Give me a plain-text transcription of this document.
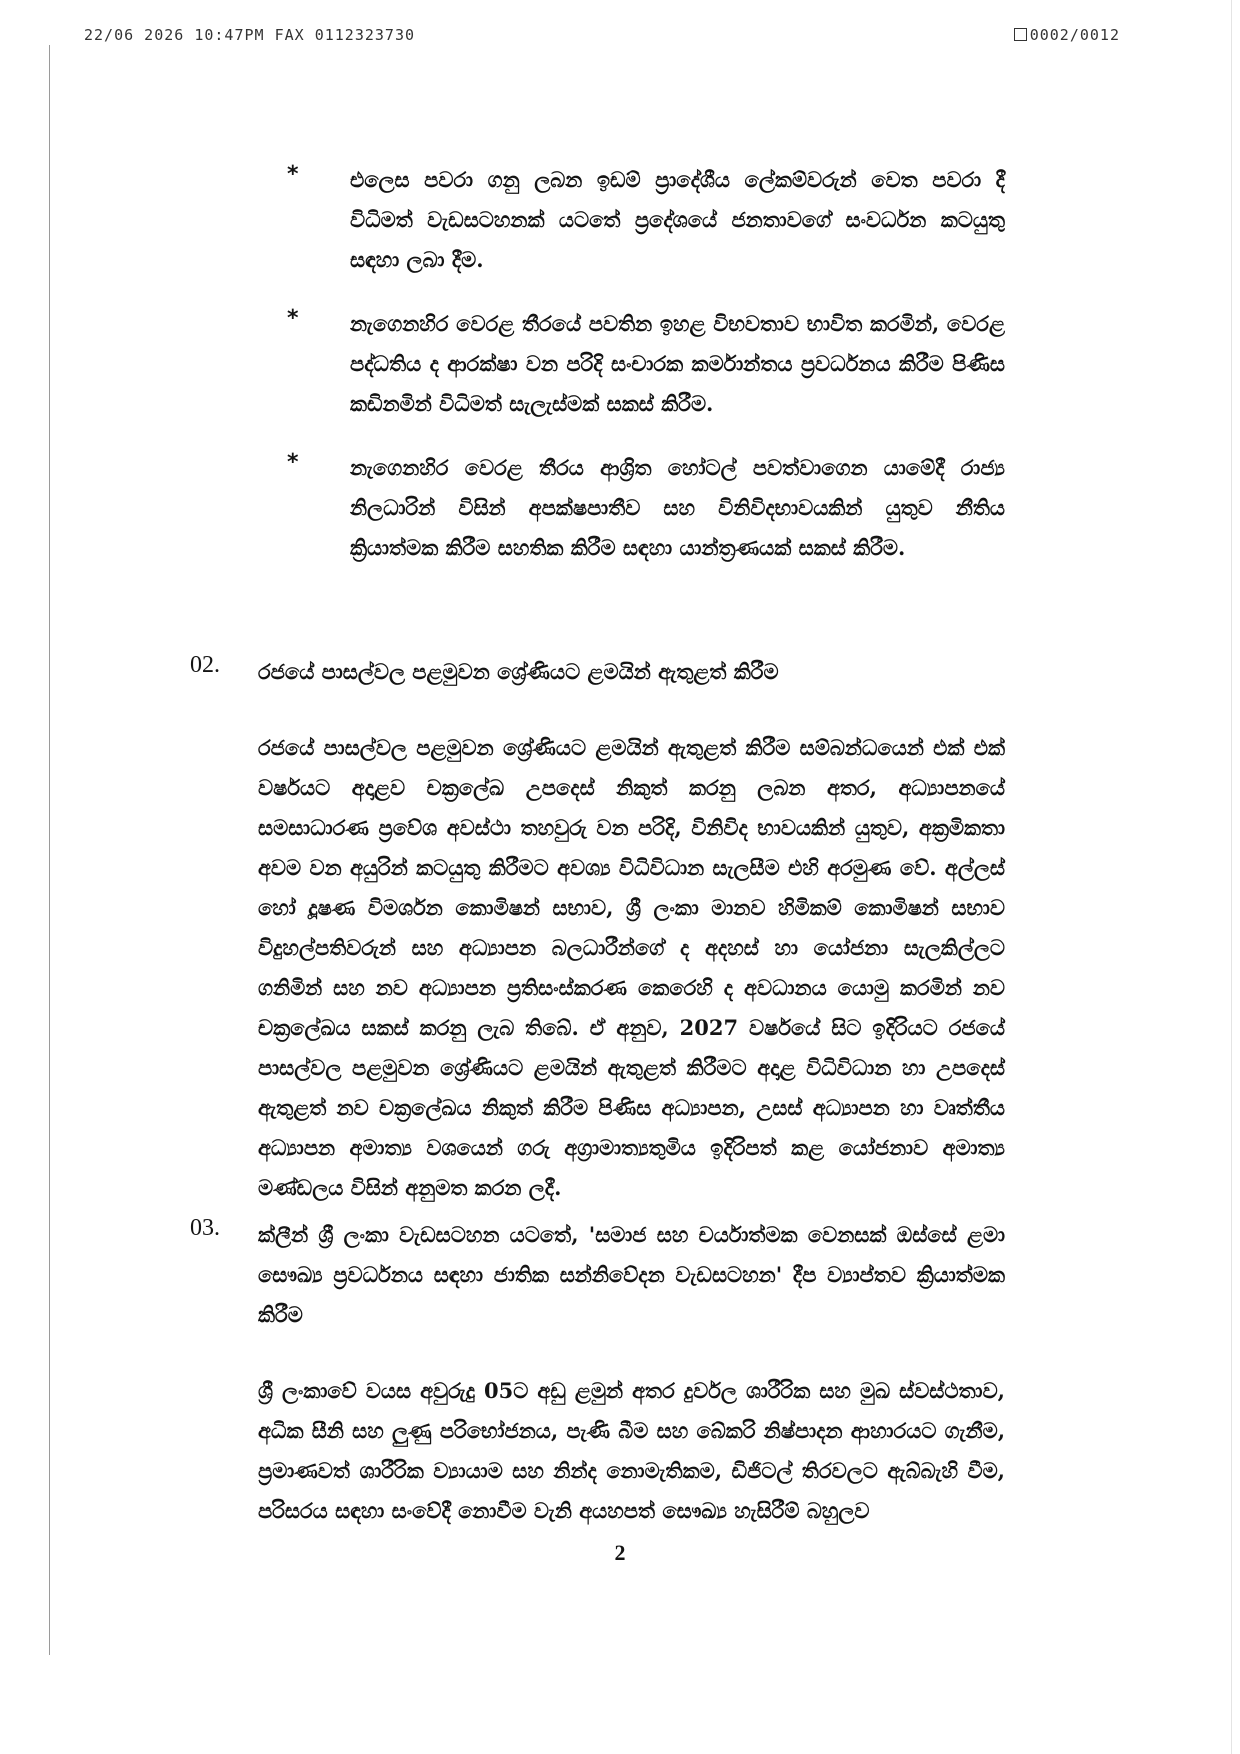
22/06 2026 10:47PM FAX 0112323730	0002/0012
* එලෙස පවරා ගනු ලබන ඉඩම් ප්‍රාදේශීය ලේකම්වරුන් වෙත පවරා දී විධිමත් වැඩසටහනක් යටතේ ප්‍රදේශයේ ජනතාවගේ සංවර්ධන කටයුතු සඳහා ලබා දීම.
* නැගෙනහිර වෙරළ තීරයේ පවතින ඉහළ විභවතාව භාවිත කරමින්, වෙරළ පද්ධතිය ද ආරක්ෂා වන පරිදි සංචාරක කර්මාන්තය ප්‍රවර්ධනය කිරීම පිණිස කඩිනමින් විධිමත් සැලැස්මක් සකස් කිරීම.
* නැගෙනහිර වෙරළ තීරය ආශ්‍රිත හෝටල් පවත්වාගෙන යාමේදී රාජ්‍ය නිලධාරින් විසින් අපක්ෂපාතීව සහ විනිවිදභාවයකින් යුතුව නීතිය ක්‍රියාත්මක කිරීම සහතික කිරීම සඳහා යාන්ත්‍රණයක් සකස් කිරීම.
02. රජයේ පාසල්වල පළමුවන ශ්‍රේණියට ළමයින් ඇතුළත් කිරීම
රජයේ පාසල්වල පළමුවන ශ්‍රේණියට ළමයින් ඇතුළත් කිරීම සම්බන්ධයෙන් එක් එක් වර්ෂයට අදාළව චක්‍රලේඛ උපදෙස් නිකුත් කරනු ලබන අතර, අධ්‍යාපනයේ සමසාධාරණ ප්‍රවේශ අවස්ථා තහවුරු වන පරිදි, විනිවිද භාවයකින් යුතුව, අක්‍රමිකතා අවම වන අයුරින් කටයුතු කිරීමට අවශ්‍ය විධිවිධාන සැලසීම එහි අරමුණ වේ. අල්ලස් හෝ දූෂණ විමර්ශන කොමිෂන් සභාව, ශ්‍රී ලංකා මානව හිමිකම් කොමිෂන් සභාව විදුහල්පතිවරුන් සහ අධ්‍යාපන බලධාරීන්ගේ ද අදහස් හා යෝජනා සැලකිල්ලට ගනිමින් සහ නව අධ්‍යාපන ප්‍රතිසංස්කරණ කෙරෙහි ද අවධානය යොමු කරමින් නව චක්‍රලේඛය සකස් කරනු ලැබ තිබේ. ඒ අනුව, 2027 වර්ෂයේ සිට ඉදිරියට රජයේ පාසල්වල පළමුවන ශ්‍රේණියට ළමයින් ඇතුළත් කිරීමට අදාළ විධිවිධාන හා උපදෙස් ඇතුළත් නව චක්‍රලේඛය නිකුත් කිරීම පිණිස අධ්‍යාපන, උසස් අධ්‍යාපන හා වෘත්තීය අධ්‍යාපන අමාත්‍ය වශයෙන් ගරු අග්‍රාමාත්‍යතුමිය ඉදිරිපත් කළ යෝජනාව අමාත්‍ය මණ්ඩලය විසින් අනුමත කරන ලදී.
03. ක්ලීන් ශ්‍රී ලංකා වැඩසටහන යටතේ, 'සමාජ සහ චර්යාත්මක වෙනසක් ඔස්සේ ළමා සෞඛ්‍ය ප්‍රවර්ධනය සඳහා ජාතික සන්නිවේදන වැඩසටහන' දීප ව්‍යාප්තව ක්‍රියාත්මක කිරීම
ශ්‍රී ලංකාවේ වයස අවුරුදු 05ට අඩු ළමුන් අතර දුර්වල ශාරීරික සහ මුඛ ස්වස්ථතාව, අධික සීනි සහ ලුණු පරිභෝජනය, පැණි බීම සහ බේකරි නිෂ්පාදන ආහාරයට ගැනීම, ප්‍රමාණවත් ශාරීරික ව්‍යායාම සහ නින්ද නොමැතිකම, ඩිජිටල් තිරවලට ඇබ්බැහි වීම, පරිසරය සඳහා සංවේදී නොවීම වැනි අයහපත් සෞඛ්‍ය හැසිරීම් බහුලව
2
